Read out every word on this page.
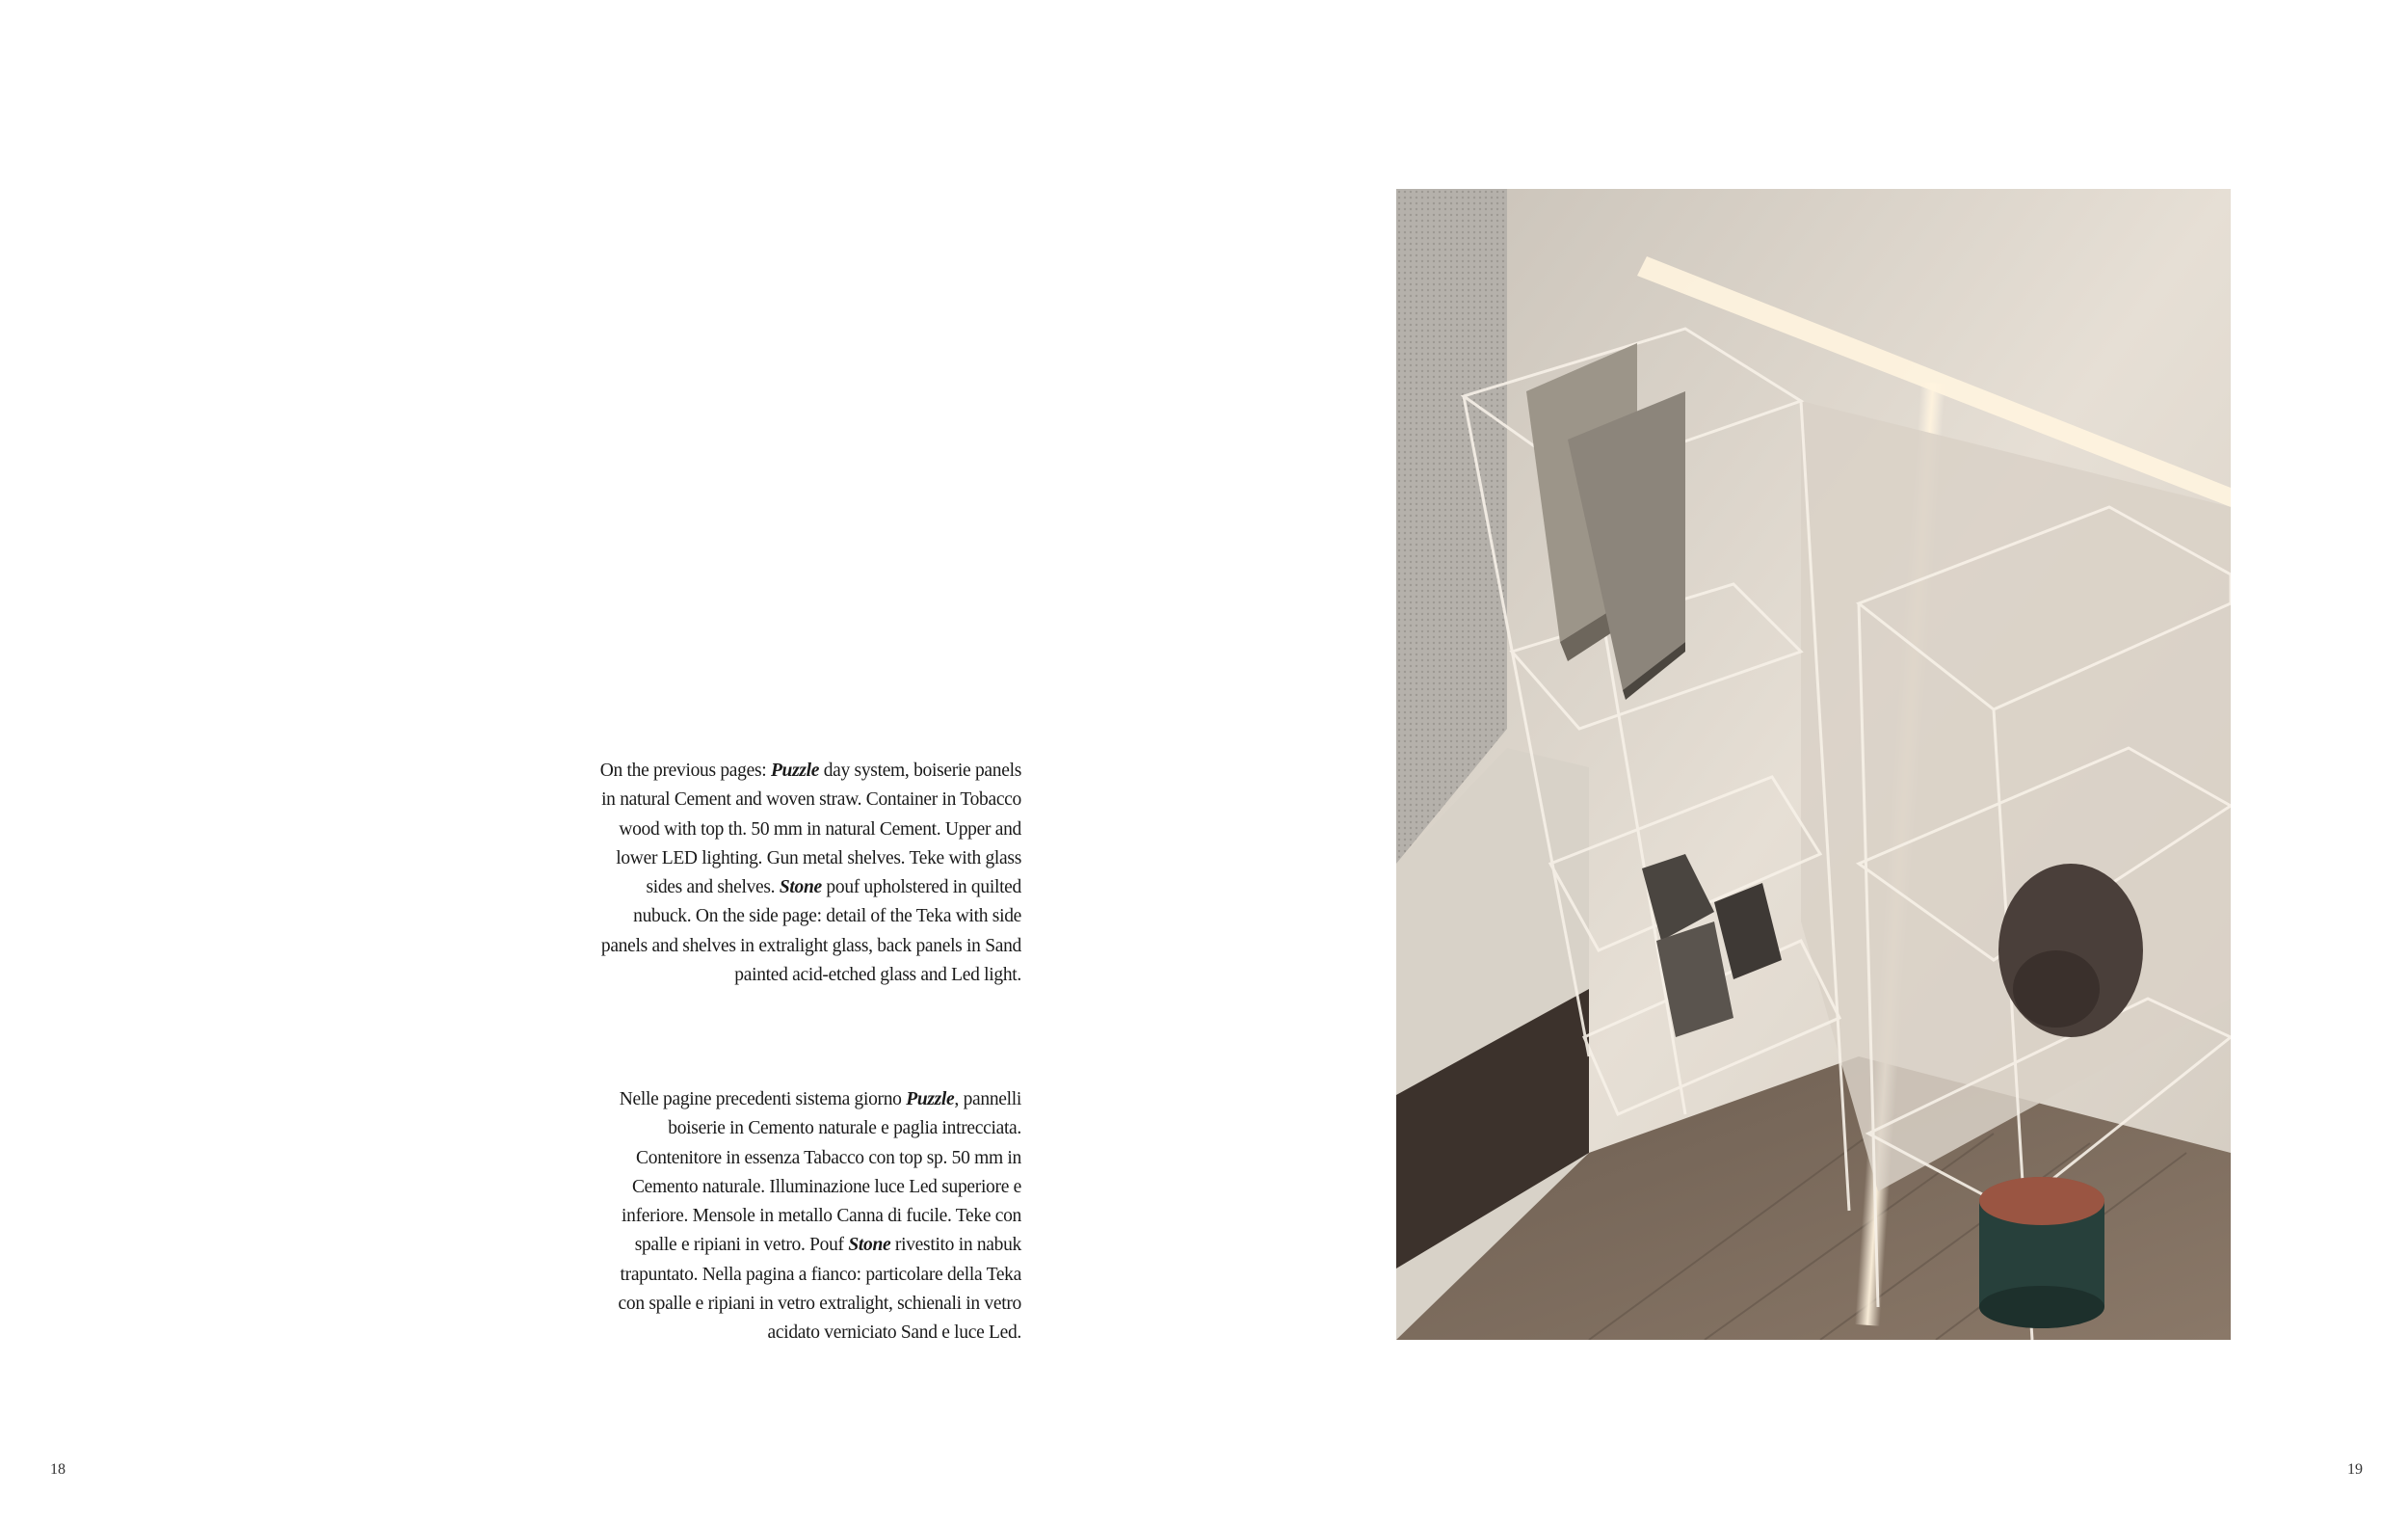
On the previous pages: Puzzle day system, boiserie panels in natural Cement and woven straw. Container in Tobacco wood with top th. 50 mm in natural Cement. Upper and lower LED lighting. Gun metal shelves. Teke with glass sides and shelves. Stone pouf upholstered in quilted nubuck. On the side page: detail of the Teka with side panels and shelves in extralight glass, back panels in Sand painted acid-etched glass and Led light.
Nelle pagine precedenti sistema giorno Puzzle, pannelli boiserie in Cemento naturale e paglia intrecciata. Contenitore in essenza Tabacco con top sp. 50 mm in Cemento naturale. Illuminazione luce Led superiore e inferiore. Mensole in metallo Canna di fucile. Teke con spalle e ripiani in vetro. Pouf Stone rivestito in nabuk trapuntato. Nella pagina a fianco: particolare della Teka con spalle e ripiani in vetro extralight, schienali in vetro acidato verniciato Sand e luce Led.
18	19
